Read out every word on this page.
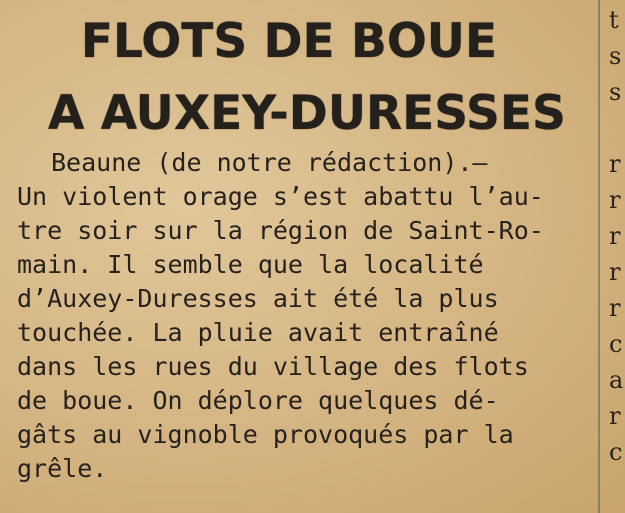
FLOTS DE BOUE
A AUXEY-DURESSES
Beaune (de notre rédaction).—
Un violent orage s’est abattu l’au-
tre soir sur la région de Saint-Ro-
main. Il semble que la localité
d’Auxey-Duresses ait été la plus
touchée. La pluie avait entraîné
dans les rues du village des flots
de boue. On déplore quelques dé-
gâts au vignoble provoqués par la
grêle.
t
s
s
r
r
r
r
r
c
a
r
c
